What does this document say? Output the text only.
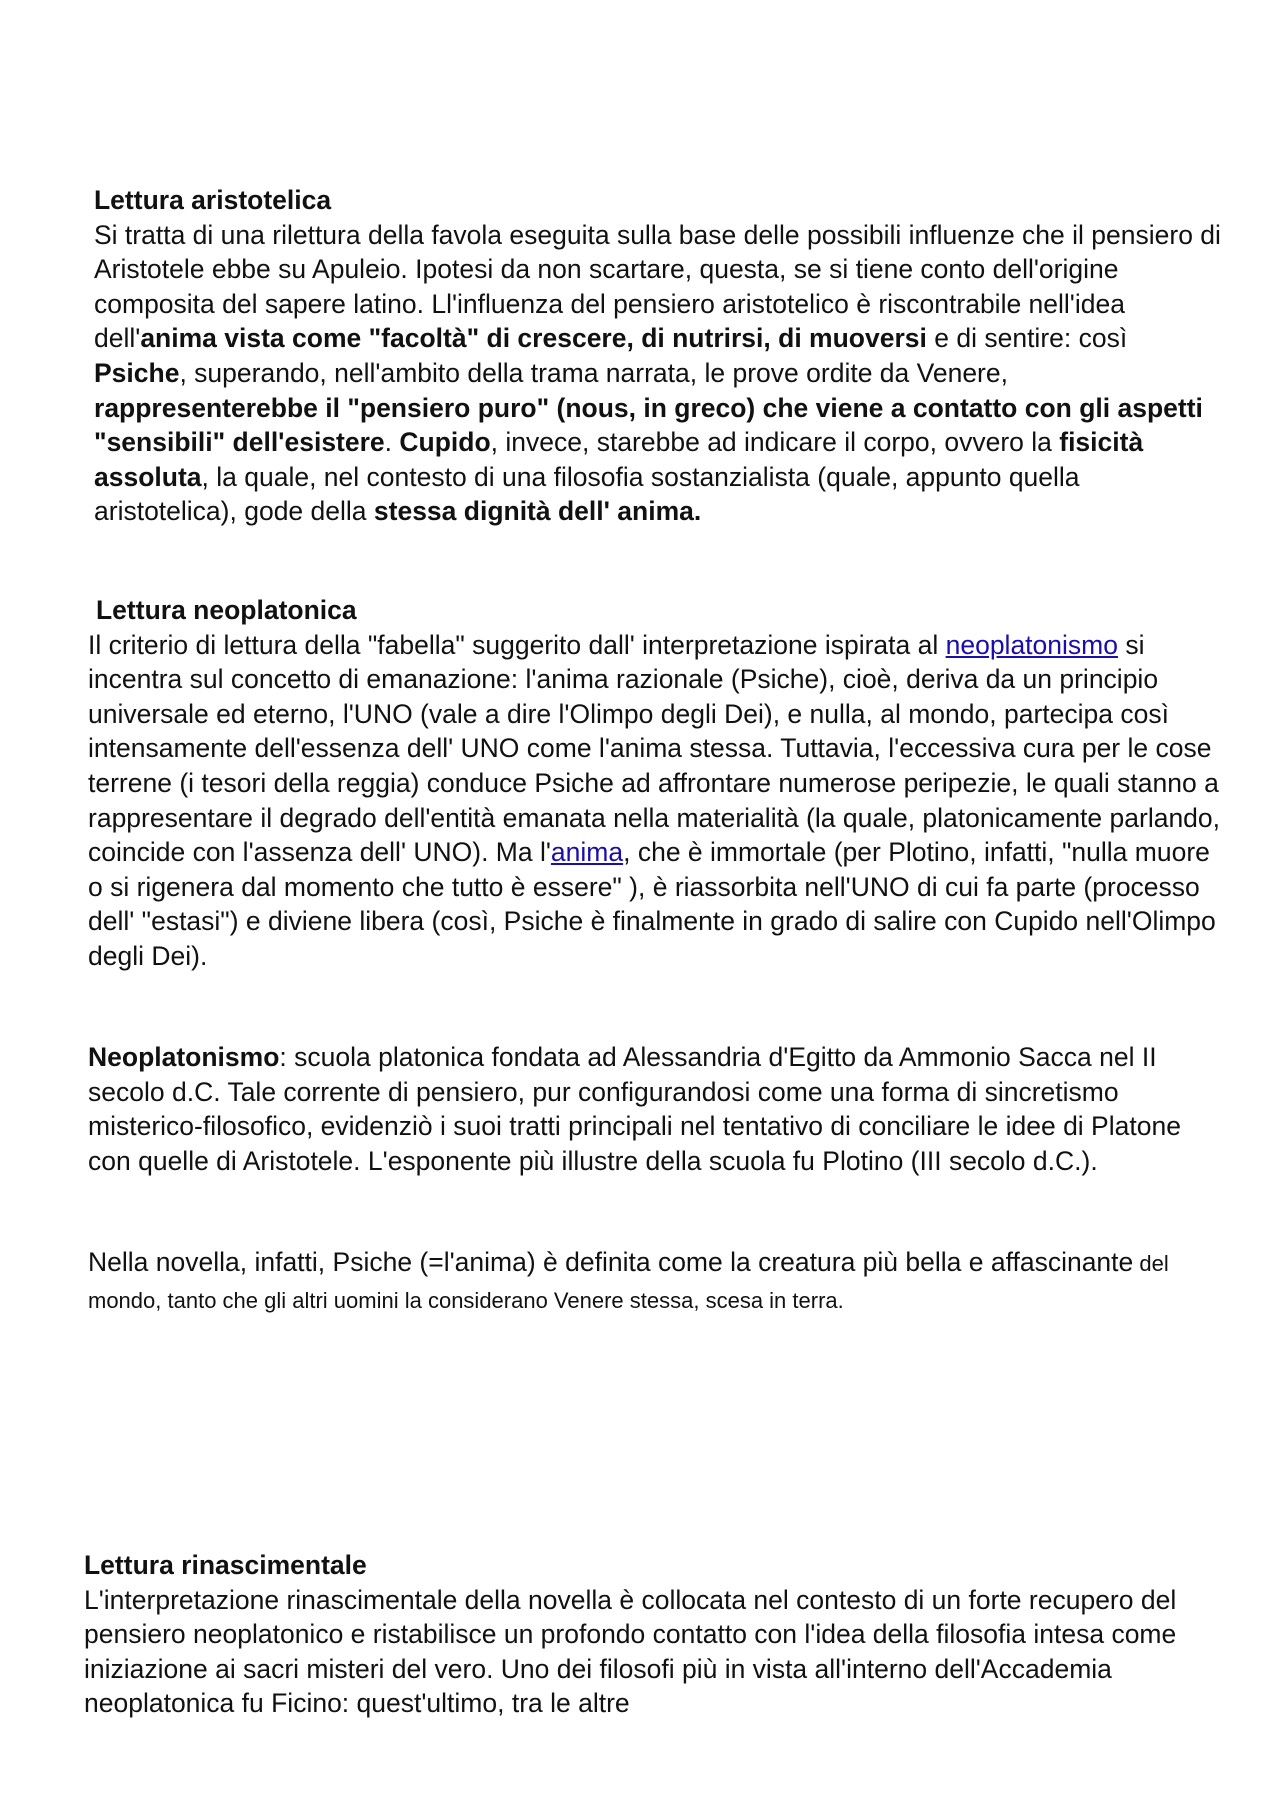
Lettura aristotelica

Si tratta di una rilettura della favola eseguita sulla base delle possibili influenze che il pensiero di Aristotele ebbe su Apuleio. Ipotesi da non scartare, questa, se si tiene conto dell'origine composita del sapere latino. Ll'influenza del pensiero aristotelico è riscontrabile nell'idea dell'anima vista come "facoltà" di crescere, di nutrirsi, di muoversi e di sentire: così Psiche, superando, nell'ambito della trama narrata, le prove ordite da Venere, rappresenterebbe il "pensiero puro" (nous, in greco) che viene a contatto con gli aspetti "sensibili" dell'esistere. Cupido, invece, starebbe ad indicare il corpo, ovvero la fisicità assoluta, la quale, nel contesto di una filosofia sostanzialista (quale, appunto quella aristotelica), gode della stessa dignità dell' anima.

Lettura neoplatonica

Il criterio di lettura della "fabella" suggerito dall' interpretazione ispirata al neoplatonismo si incentra sul concetto di emanazione: l'anima razionale (Psiche), cioè, deriva da un principio universale ed eterno, l'UNO (vale a dire l'Olimpo degli Dei), e nulla, al mondo, partecipa così intensamente dell'essenza dell' UNO come l'anima stessa. Tuttavia, l'eccessiva cura per le cose terrene (i tesori della reggia) conduce Psiche ad affrontare numerose peripezie, le quali stanno a rappresentare il degrado dell'entità emanata nella materialità (la quale, platonicamente parlando, coincide con l'assenza dell' UNO). Ma l'anima, che è immortale (per Plotino, infatti, "nulla muore o si rigenera dal momento che tutto è essere" ), è riassorbita nell'UNO di cui fa parte (processo dell' "estasi") e diviene libera (così, Psiche è finalmente in grado di salire con Cupido nell'Olimpo degli Dei).

Neoplatonismo: scuola platonica fondata ad Alessandria d'Egitto da Ammonio Sacca nel II secolo d.C. Tale corrente di pensiero, pur configurandosi come una forma di sincretismo misterico-filosofico, evidenziò i suoi tratti principali nel tentativo di conciliare le idee di Platone con quelle di Aristotele. L'esponente più illustre della scuola fu Plotino (III secolo d.C.).

Nella novella, infatti, Psiche (=l'anima) è definita come la creatura più bella e affascinante del mondo, tanto che gli altri uomini la considerano Venere stessa, scesa in terra.

Lettura rinascimentale

L'interpretazione rinascimentale della novella è collocata nel contesto di un forte recupero del pensiero neoplatonico e ristabilisce un profondo contatto con l'idea della filosofia intesa come iniziazione ai sacri misteri del vero. Uno dei filosofi più in vista all'interno dell'Accademia neoplatonica fu Ficino: quest'ultimo, tra le altre
